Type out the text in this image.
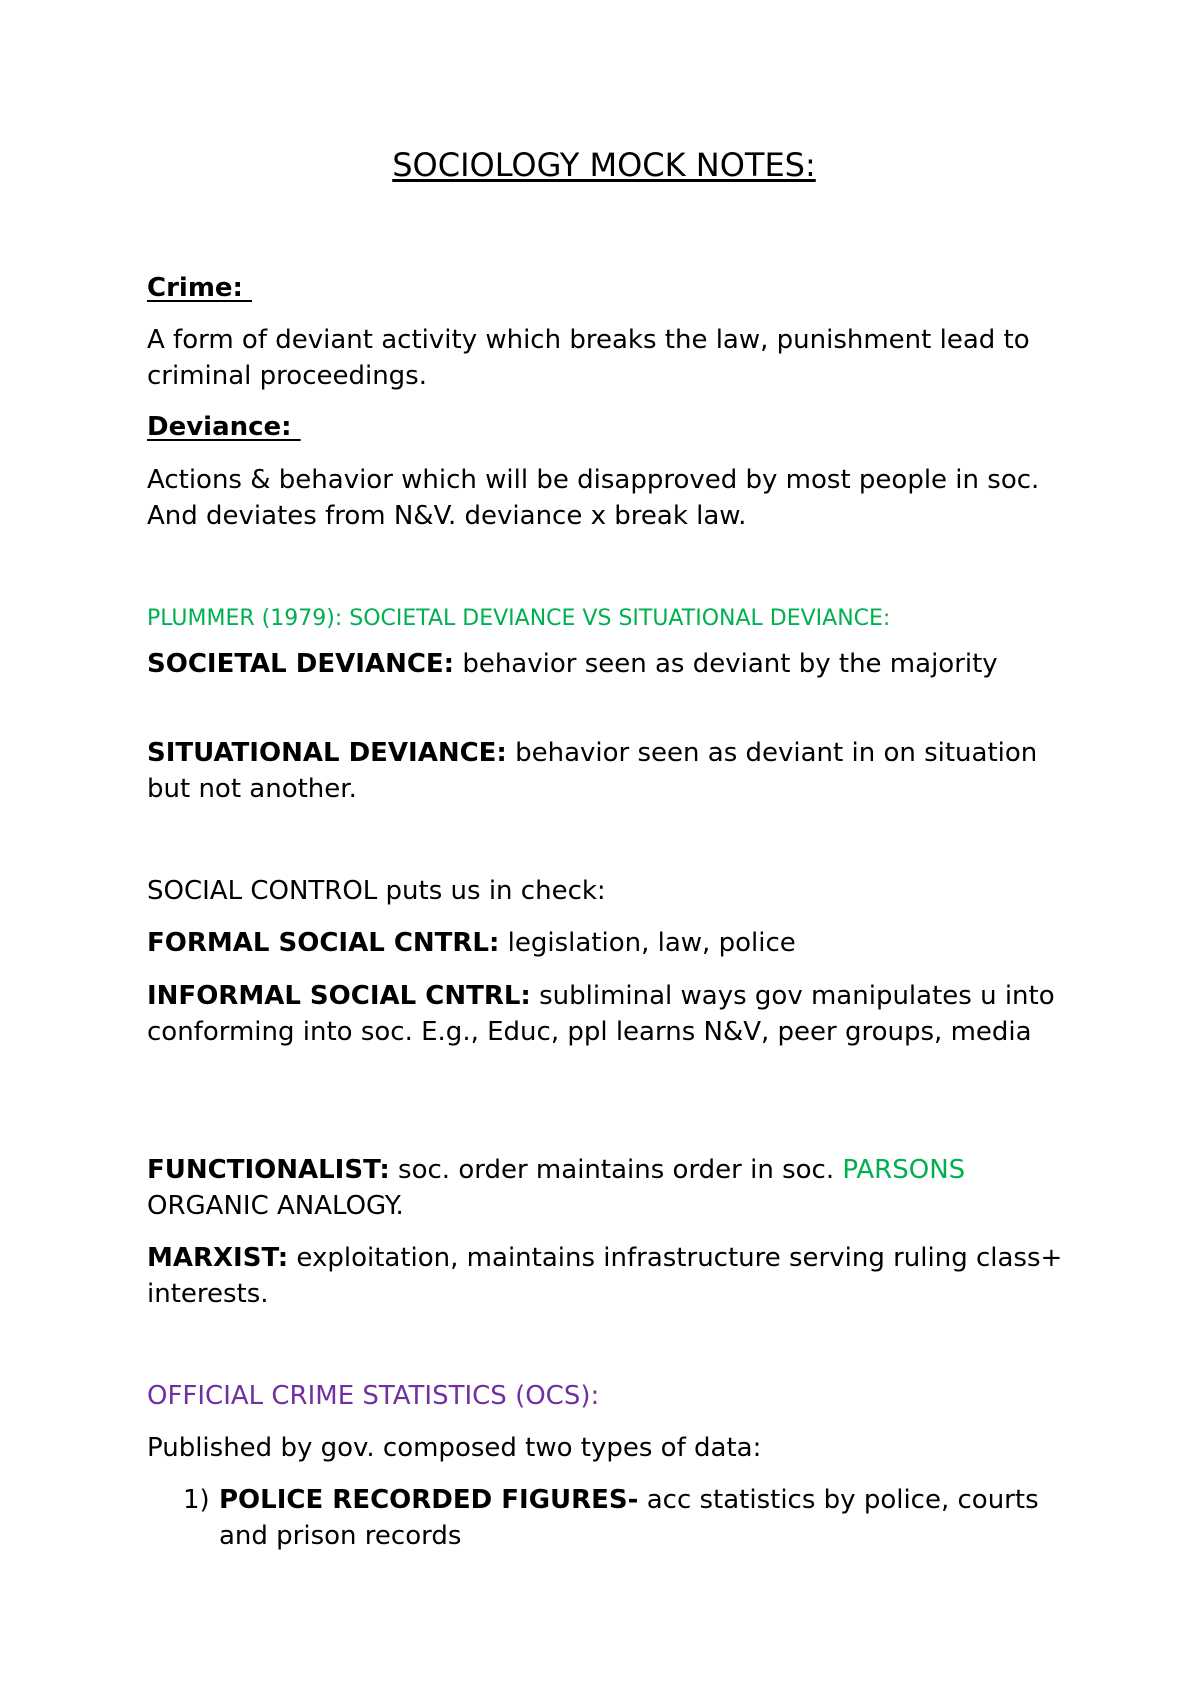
SOCIOLOGY MOCK NOTES:
Crime:
A form of deviant activity which breaks the law, punishment lead to criminal proceedings.
Deviance:
Actions & behavior which will be disapproved by most people in soc. And deviates from N&V. deviance x break law.
PLUMMER (1979): SOCIETAL DEVIANCE VS SITUATIONAL DEVIANCE:
SOCIETAL DEVIANCE: behavior seen as deviant by the majority
SITUATIONAL DEVIANCE: behavior seen as deviant in on situation but not another.
SOCIAL CONTROL puts us in check:
FORMAL SOCIAL CNTRL: legislation, law, police
INFORMAL SOCIAL CNTRL: subliminal ways gov manipulates u into conforming into soc. E.g., Educ, ppl learns N&V, peer groups, media
FUNCTIONALIST: soc. order maintains order in soc. PARSONS ORGANIC ANALOGY.
MARXIST: exploitation, maintains infrastructure serving ruling class+ interests.
OFFICIAL CRIME STATISTICS (OCS):
Published by gov. composed two types of data:
1) POLICE RECORDED FIGURES- acc statistics by police, courts and prison records
